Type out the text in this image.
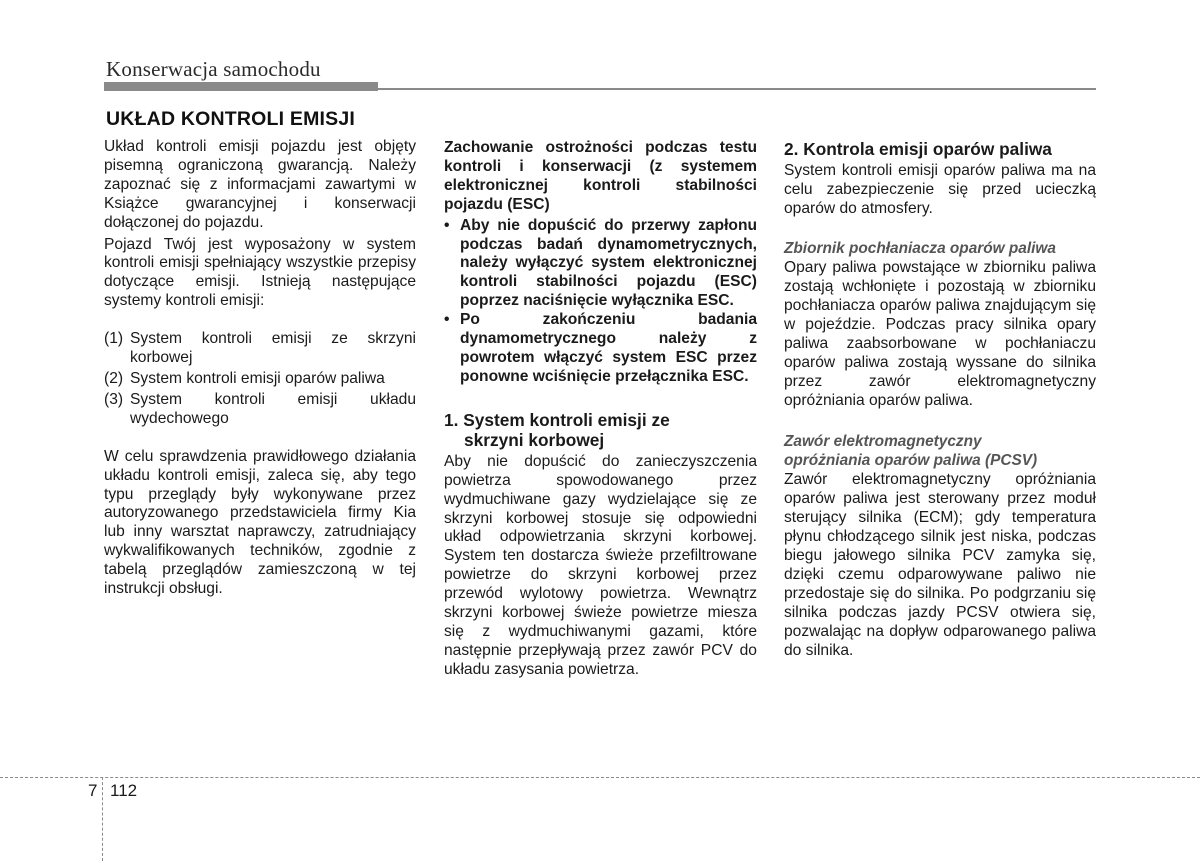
Konserwacja samochodu
UKŁAD KONTROLI EMISJI

Układ kontroli emisji pojazdu jest objęty pisemną ograniczoną gwarancją. Należy zapoznać się z informacjami zawartymi w Książce gwarancyjnej i konserwacji dołączonej do pojazdu.

Pojazd Twój jest wyposażony w system kontroli emisji spełniający wszystkie przepisy dotyczące emisji. Istnieją następujące systemy kontroli emisji:

(1) System kontroli emisji ze skrzyni korbowej
(2) System kontroli emisji oparów paliwa
(3) System kontroli emisji układu wydechowego

W celu sprawdzenia prawidłowego działania układu kontroli emisji, zaleca się, aby tego typu przeglądy były wykonywane przez autoryzowanego przedstawiciela firmy Kia lub inny warsztat naprawczy, zatrudniający wykwalifikowanych techników, zgodnie z tabelą przeglądów zamieszczoną w tej instrukcji obsługi.

Zachowanie ostrożności podczas testu kontroli i konserwacji (z systemem elektronicznej kontroli stabilności pojazdu (ESC)

• Aby nie dopuścić do przerwy zapłonu podczas badań dynamometrycznych, należy wyłączyć system elektronicznej kontroli stabilności pojazdu (ESC) poprzez naciśnięcie wyłącznika ESC.
• Po zakończeniu badania dynamometrycznego należy z powrotem włączyć system ESC przez ponowne wciśnięcie przełącznika ESC.
1. System kontroli emisji ze
skrzyni korbowej

Aby nie dopuścić do zanieczyszczenia powietrza spowodowanego przez wydmuchiwane gazy wydzielające się ze skrzyni korbowej stosuje się odpowiedni układ odpowietrzania skrzyni korbowej. System ten dostarcza świeże przefiltrowane powietrze do skrzyni korbowej przez przewód wylotowy powietrza. Wewnątrz skrzyni korbowej świeże powietrze miesza się z wydmuchiwanymi gazami, które następnie przepływają przez zawór PCV do układu zasysania powietrza.

2. Kontrola emisji oparów paliwa

System kontroli emisji oparów paliwa ma na celu zabezpieczenie się przed ucieczką oparów do atmosfery.

Zbiornik pochłaniacza oparów paliwa

Opary paliwa powstające w zbiorniku paliwa zostają wchłonięte i pozostają w zbiorniku pochłaniacza oparów paliwa znajdującym się w pojeździe. Podczas pracy silnika opary paliwa zaabsorbowane w pochłaniaczu oparów paliwa zostają wyssane do silnika przez zawór elektromagnetyczny opróżniania oparów paliwa.

Zawór elektromagnetyczny
opróżniania oparów paliwa (PCSV)

Zawór elektromagnetyczny opróżniania oparów paliwa jest sterowany przez moduł sterujący silnika (ECM); gdy temperatura płynu chłodzącego silnik jest niska, podczas biegu jałowego silnika PCV zamyka się, dzięki czemu odparowywane paliwo nie przedostaje się do silnika. Po podgrzaniu się silnika podczas jazdy PCSV otwiera się, pozwalając na dopływ odparowanego paliwa do silnika.

7 112
